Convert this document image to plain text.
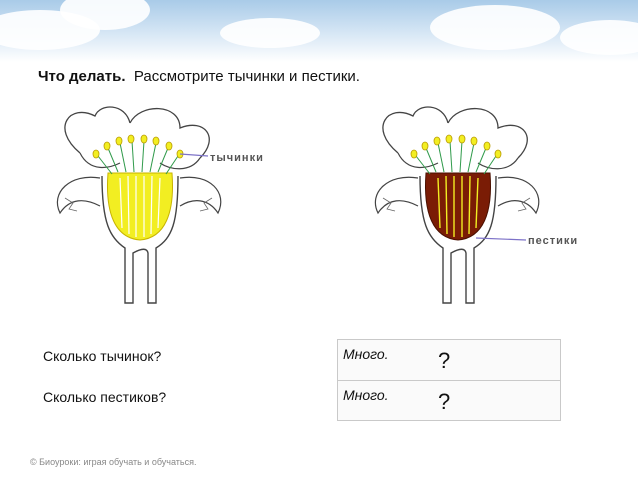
Что делать. Рассмотрите тычинки и пестики.
тычинки
пестики
Сколько тычинок?
Сколько пестиков?
Много. ?
Много. ?
© Биоуроки: играя обучать и обучаться.
